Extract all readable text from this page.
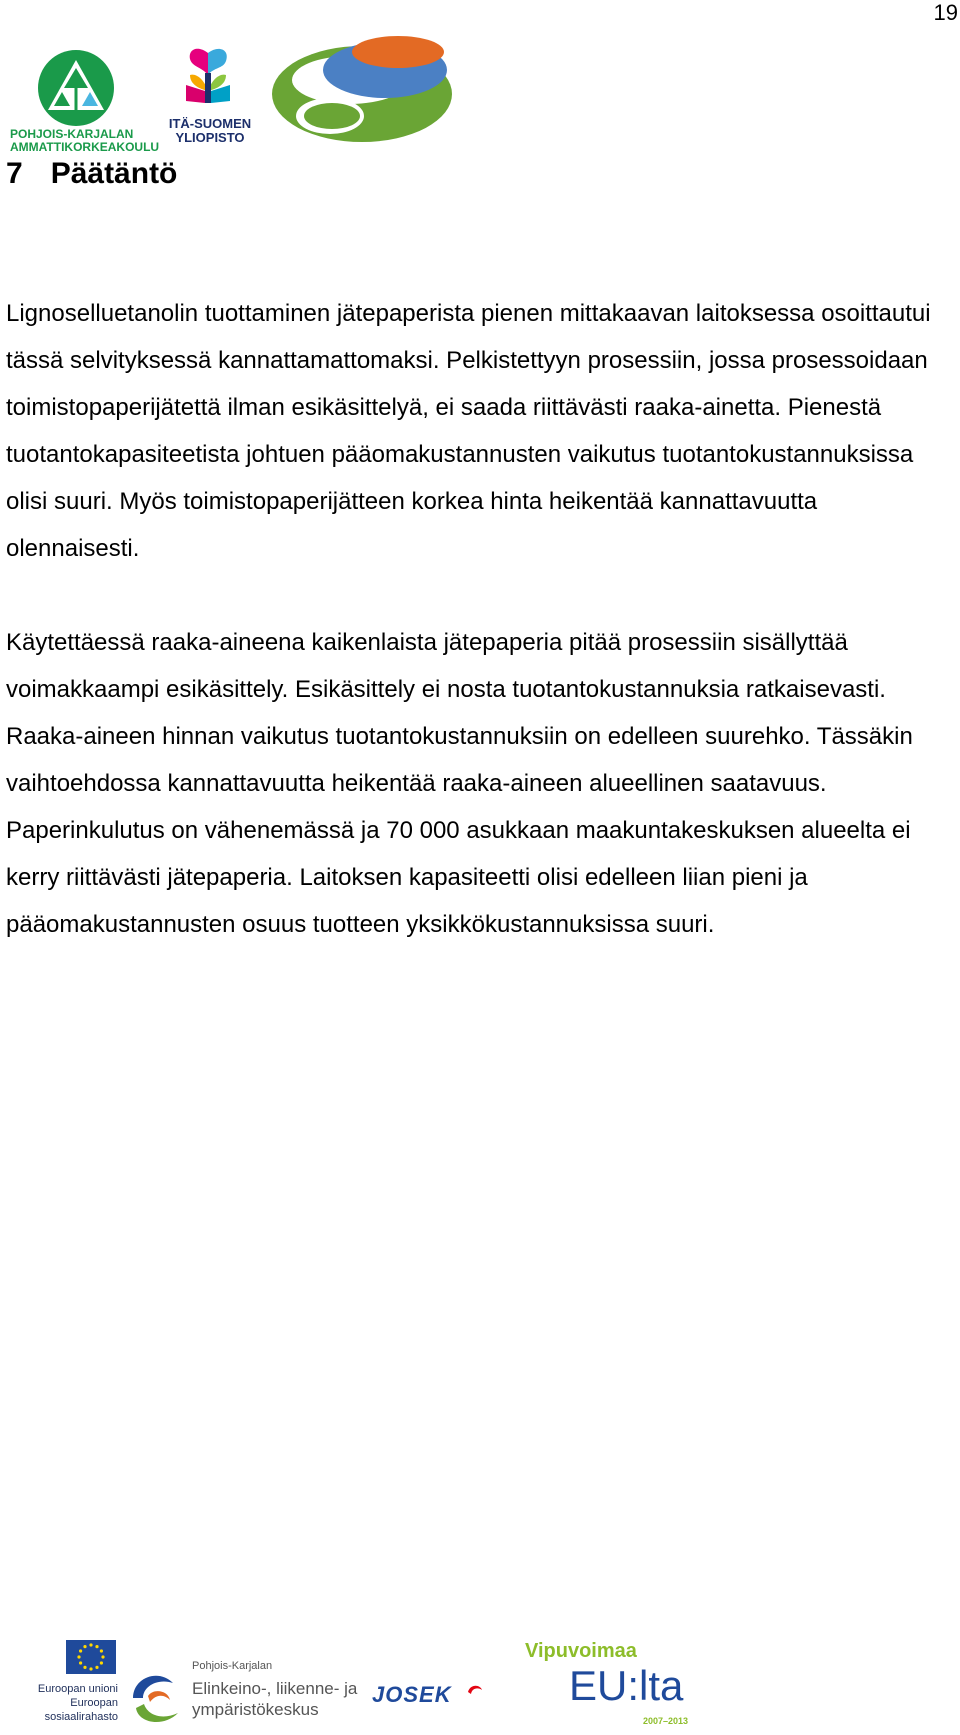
19
POHJOIS-KARJALAN
AMMATTIKORKEAKOULU
ITÄ-SUOMEN
YLIOPISTO
7 Päätäntö

Lignoselluetanolin tuottaminen jätepaperista pienen mittakaavan laitoksessa osoittautui tässä selvityksessä kannattamattomaksi. Pelkistettyyn prosessiin, jossa prosessoidaan toimistopaperijätettä ilman esikäsittelyä, ei saada riittävästi raaka-ainetta. Pienestä tuotantokapasiteetista johtuen pääomakustannusten vaikutus tuotantokustannuksissa olisi suuri. Myös toimistopaperijätteen korkea hinta heikentää kannattavuutta olennaisesti.

Käytettäessä raaka-aineena kaikenlaista jätepaperia pitää prosessiin sisällyttää voimakkaampi esikäsittely. Esikäsittely ei nosta tuotantokustannuksia ratkaisevasti. Raaka-aineen hinnan vaikutus tuotantokustannuksiin on edelleen suurehko. Tässäkin vaihtoehdossa kannattavuutta heikentää raaka-aineen alueellinen saatavuus. Paperinkulutus on vähenemässä ja 70 000 asukkaan maakuntakeskuksen alueelta ei kerry riittävästi jätepaperia. Laitoksen kapasiteetti olisi edelleen liian pieni ja pääomakustannusten osuus tuotteen yksikkökustannuksissa suuri.

Euroopan unioni
Euroopan sosiaalirahasto
Pohjois-Karjalan
Elinkeino-, liikenne- ja
ympäristökeskus
JOSEK
Vipuvoimaa
EU:lta
2007–2013
